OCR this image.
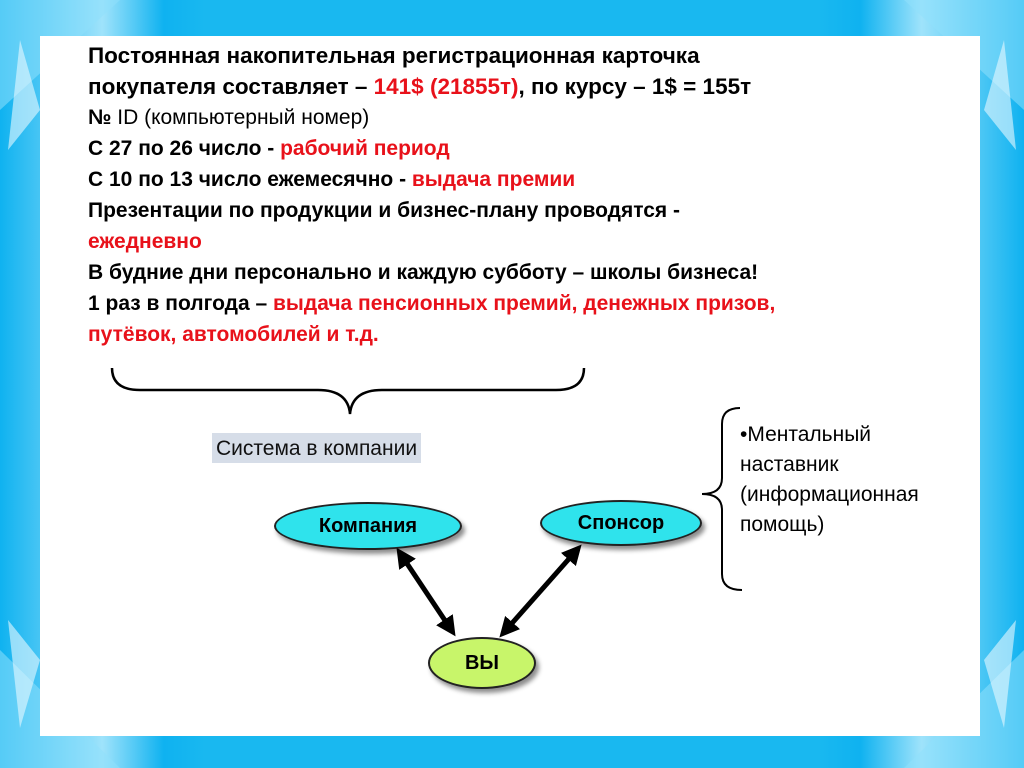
Постоянная накопительная регистрационная карточка
покупателя составляет – 141$ (21855т), по курсу – 1$ = 155т
№ ID (компьютерный номер)
С 27 по 26 число - рабочий период
С 10 по 13 число ежемесячно - выдача премии
Презентации по продукции и бизнес-плану проводятся -
ежедневно
В будние дни персонально и каждую субботу – школы бизнеса!
1 раз в полгода – выдача пенсионных премий, денежных призов,
путёвок, автомобилей и т.д.
Система в компании
Компания	Спонсор
ВЫ
•Ментальный
наставник
(информационная
помощь)
